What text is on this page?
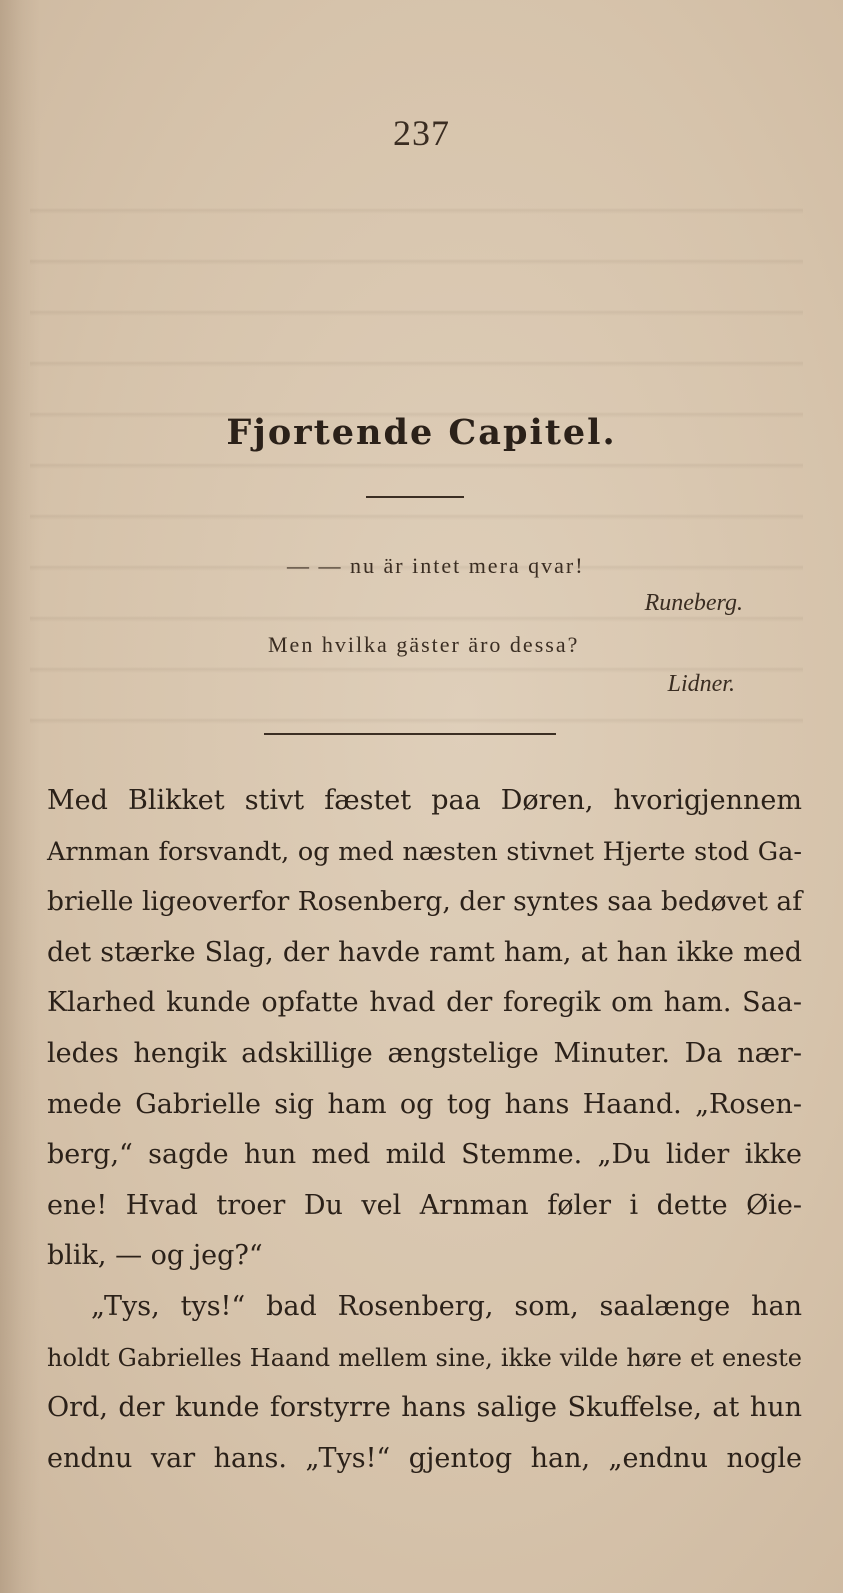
237
Fjortende Capitel.
— — nu är intet mera qvar!
Runeberg.
Men hvilka gäster äro dessa?
Lidner.
Med Blikket stivt fæstet paa Døren, hvorigjennem
Arnman forsvandt, og med næsten stivnet Hjerte stod Ga-
brielle ligeoverfor Rosenberg, der syntes saa bedøvet af
det stærke Slag, der havde ramt ham, at han ikke med
Klarhed kunde opfatte hvad der foregik om ham. Saa-
ledes hengik adskillige ængstelige Minuter. Da nær-
mede Gabrielle sig ham og tog hans Haand. „Rosen-
berg,“ sagde hun med mild Stemme. „Du lider ikke
ene! Hvad troer Du vel Arnman føler i dette Øie-
blik, — og jeg?“
„Tys, tys!“ bad Rosenberg, som, saalænge han
holdt Gabrielles Haand mellem sine, ikke vilde høre et eneste
Ord, der kunde forstyrre hans salige Skuffelse, at hun
endnu var hans. „Tys!“ gjentog han, „endnu nogle
